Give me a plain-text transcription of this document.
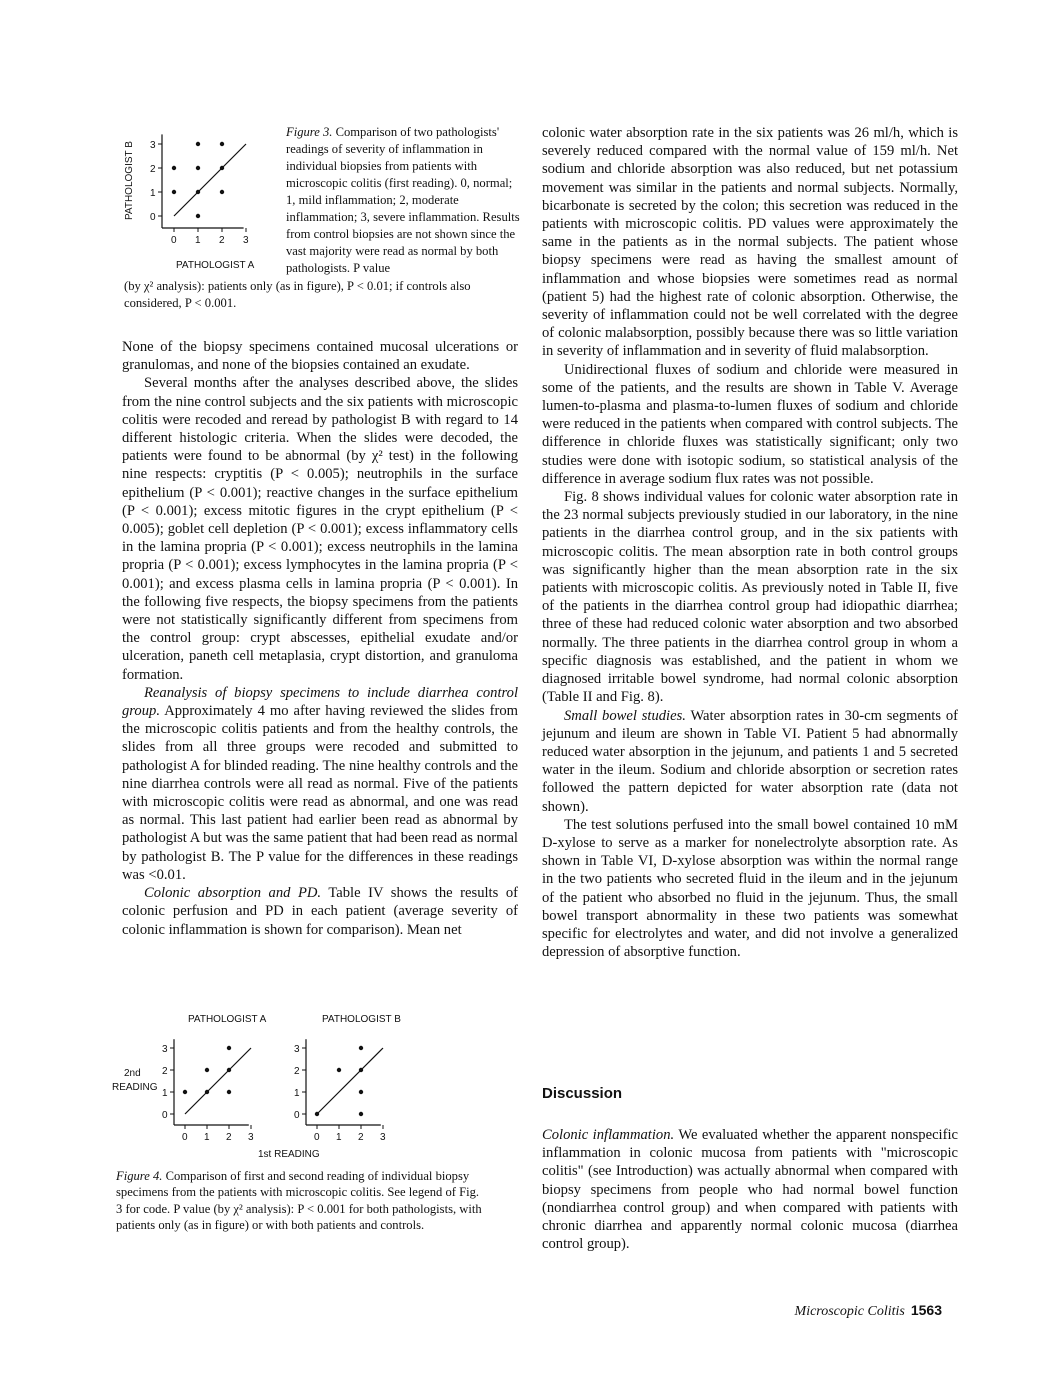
0
0
1
1
2
2
3
3
PATHOLOGIST B
PATHOLOGIST A
Figure 3. Comparison of two pathologists' readings of severity of inflammation in individual biopsies from patients with microscopic colitis (first reading). 0, normal; 1, mild inflammation; 2, moderate inflammation; 3, severe inflammation. Results from control biopsies are not shown since the vast majority were read as normal by both pathologists. P value
(by χ² analysis): patients only (as in figure), P < 0.01; if controls also considered, P < 0.001.

None of the biopsy specimens contained mucosal ulcerations or granulomas, and none of the biopsies contained an exudate.

Several months after the analyses described above, the slides from the nine control subjects and the six patients with microscopic colitis were recoded and reread by pathologist B with regard to 14 different histologic criteria. When the slides were decoded, the patients were found to be abnormal (by χ² test) in the following nine respects: cryptitis (P < 0.005); neutrophils in the surface epithelium (P < 0.001); reactive changes in the surface epithelium (P < 0.001); excess mitotic figures in the crypt epithelium (P < 0.005); goblet cell depletion (P < 0.001); excess inflammatory cells in the lamina propria (P < 0.001); excess neutrophils in the lamina propria (P < 0.001); excess lymphocytes in the lamina propria (P < 0.001); and excess plasma cells in lamina propria (P < 0.001). In the following five respects, the biopsy specimens from the patients were not statistically significantly different from specimens from the control group: crypt abscesses, epithelial exudate and/or ulceration, paneth cell metaplasia, crypt distortion, and granuloma formation.

Reanalysis of biopsy specimens to include diarrhea control group. Approximately 4 mo after having reviewed the slides from the microscopic colitis patients and from the healthy controls, the slides from all three groups were recoded and submitted to pathologist A for blinded reading. The nine healthy controls and the nine diarrhea controls were all read as normal. Five of the patients with microscopic colitis were read as abnormal, and one was read as normal. This last patient had earlier been read as abnormal by pathologist A but was the same patient that had been read as normal by pathologist B. The P value for the differences in these readings was <0.01.

Colonic absorption and PD. Table IV shows the results of colonic perfusion and PD in each patient (average severity of colonic inflammation is shown for comparison). Mean net

PATHOLOGIST A	PATHOLOGIST B
2nd
READING
1st READING
0
0
1
1
2
2
3
3
0
0
1
1
2
2
3
3
Figure 4. Comparison of first and second reading of individual biopsy specimens from the patients with microscopic colitis. See legend of Fig. 3 for code. P value (by χ² analysis): P < 0.001 for both pathologists, with patients only (as in figure) or with both patients and controls.

colonic water absorption rate in the six patients was 26 ml/h, which is severely reduced compared with the normal value of 159 ml/h. Net sodium and chloride absorption was also reduced, but net potassium movement was similar in the patients and normal subjects. Normally, bicarbonate is secreted by the colon; this secretion was reduced in the patients with microscopic colitis. PD values were approximately the same in the patients as in the normal subjects. The patient whose biopsy specimens were read as having the smallest amount of inflammation and whose biopsies were sometimes read as normal (patient 5) had the highest rate of colonic absorption. Otherwise, the severity of inflammation could not be well correlated with the degree of colonic malabsorption, possibly because there was so little variation in severity of inflammation and in severity of fluid malabsorption.

Unidirectional fluxes of sodium and chloride were measured in some of the patients, and the results are shown in Table V. Average lumen-to-plasma and plasma-to-lumen fluxes of sodium and chloride were reduced in the patients when compared with control subjects. The difference in chloride fluxes was statistically significant; only two studies were done with isotopic sodium, so statistical analysis of the difference in average sodium flux rates was not possible.

Fig. 8 shows individual values for colonic water absorption rate in the 23 normal subjects previously studied in our laboratory, in the nine patients in the diarrhea control group, and in the six patients with microscopic colitis. The mean absorption rate in both control groups was significantly higher than the mean absorption rate in the six patients with microscopic colitis. As previously noted in Table II, five of the patients in the diarrhea control group had idiopathic diarrhea; three of these had reduced colonic water absorption and two absorbed normally. The three patients in the diarrhea control group in whom a specific diagnosis was established, and the patient in whom we diagnosed irritable bowel syndrome, had normal colonic absorption (Table II and Fig. 8).

Small bowel studies. Water absorption rates in 30-cm segments of jejunum and ileum are shown in Table VI. Patient 5 had abnormally reduced water absorption in the jejunum, and patients 1 and 5 secreted water in the ileum. Sodium and chloride absorption or secretion rates followed the pattern depicted for water absorption rate (data not shown).

The test solutions perfused into the small bowel contained 10 mM D-xylose to serve as a marker for nonelectrolyte absorption rate. As shown in Table VI, D-xylose absorption was within the normal range in the two patients who secreted fluid in the ileum and in the jejunum of the patient who absorbed no fluid in the jejunum. Thus, the small bowel transport abnormality in these two patients was somewhat specific for electrolytes and water, and did not involve a generalized depression of absorptive function.

Discussion

Colonic inflammation. We evaluated whether the apparent nonspecific inflammation in colonic mucosa from patients with "microscopic colitis" (see Introduction) was actually abnormal when compared with biopsy specimens from people who had normal bowel function (nondiarrhea control group) and when compared with patients with chronic diarrhea and apparently normal colonic mucosa (diarrhea control group).

Microscopic Colitis 1563
